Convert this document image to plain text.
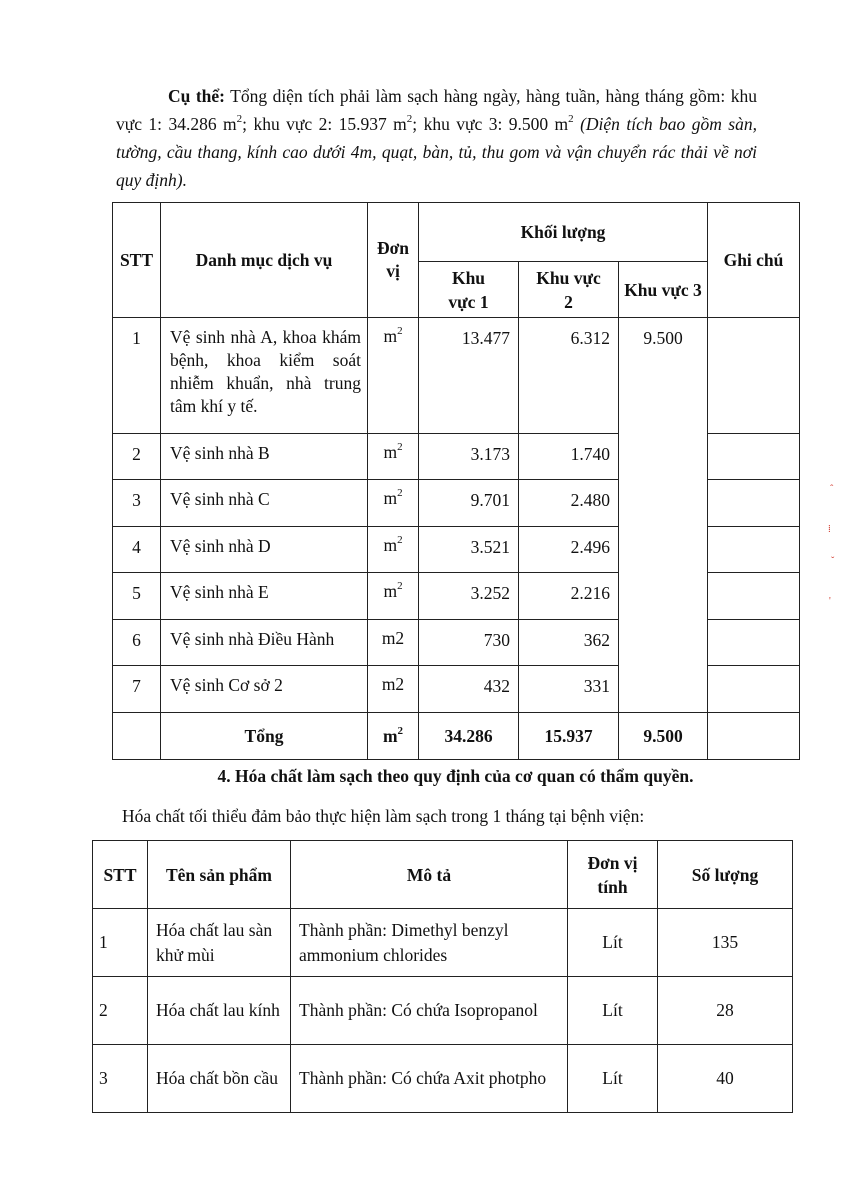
Cụ thể: Tổng diện tích phải làm sạch hàng ngày, hàng tuần, hàng tháng gồm: khu vực 1: 34.286 $m^2$; khu vực 2: 15.937 $m^2$; khu vực 3: 9.500 $m^2$ (Diện tích bao gồm sàn, tường, cầu thang, kính cao dưới 4m, quạt, bàn, tủ, thu gom và vận chuyển rác thải về nơi quy định).
STT	Danh mục dịch vụ	Đơn vị	Khối lượng			Ghi chú
			Khu vực 1	Khu vực 2	Khu vực 3	
1	Vệ sinh nhà A, khoa khám bệnh, khoa kiểm soát nhiễm khuẩn, nhà trung tâm khí y tế.	$m^2$	13.477	6.312	9.500	
2	Vệ sinh nhà B	$m^2$	3.173	1.740		
3	Vệ sinh nhà C	$m^2$	9.701	2.480		
4	Vệ sinh nhà D	$m^2$	3.521	2.496		
5	Vệ sinh nhà E	$m^2$	3.252	2.216		
6	Vệ sinh nhà Điều Hành	m2	730	362		
7	Vệ sinh Cơ sở 2	m2	432	331		
	Tổng	$m^2$	34.286	15.937	9.500	
4. Hóa chất làm sạch theo quy định của cơ quan có thẩm quyền.
Hóa chất tối thiểu đảm bảo thực hiện làm sạch trong 1 tháng tại bệnh viện:
STT	Tên sản phẩm	Mô tả	Đơn vị tính	Số lượng
1	Hóa chất lau sàn khử mùi	Thành phần: Dimethyl benzyl ammonium chlorides	Lít	135
2	Hóa chất lau kính	Thành phần: Có chứa Isopropanol	Lít	28
3	Hóa chất bồn cầu	Thành phần: Có chứa Axit photpho	Lít	40
ˆ
⁞
ˇ
'
